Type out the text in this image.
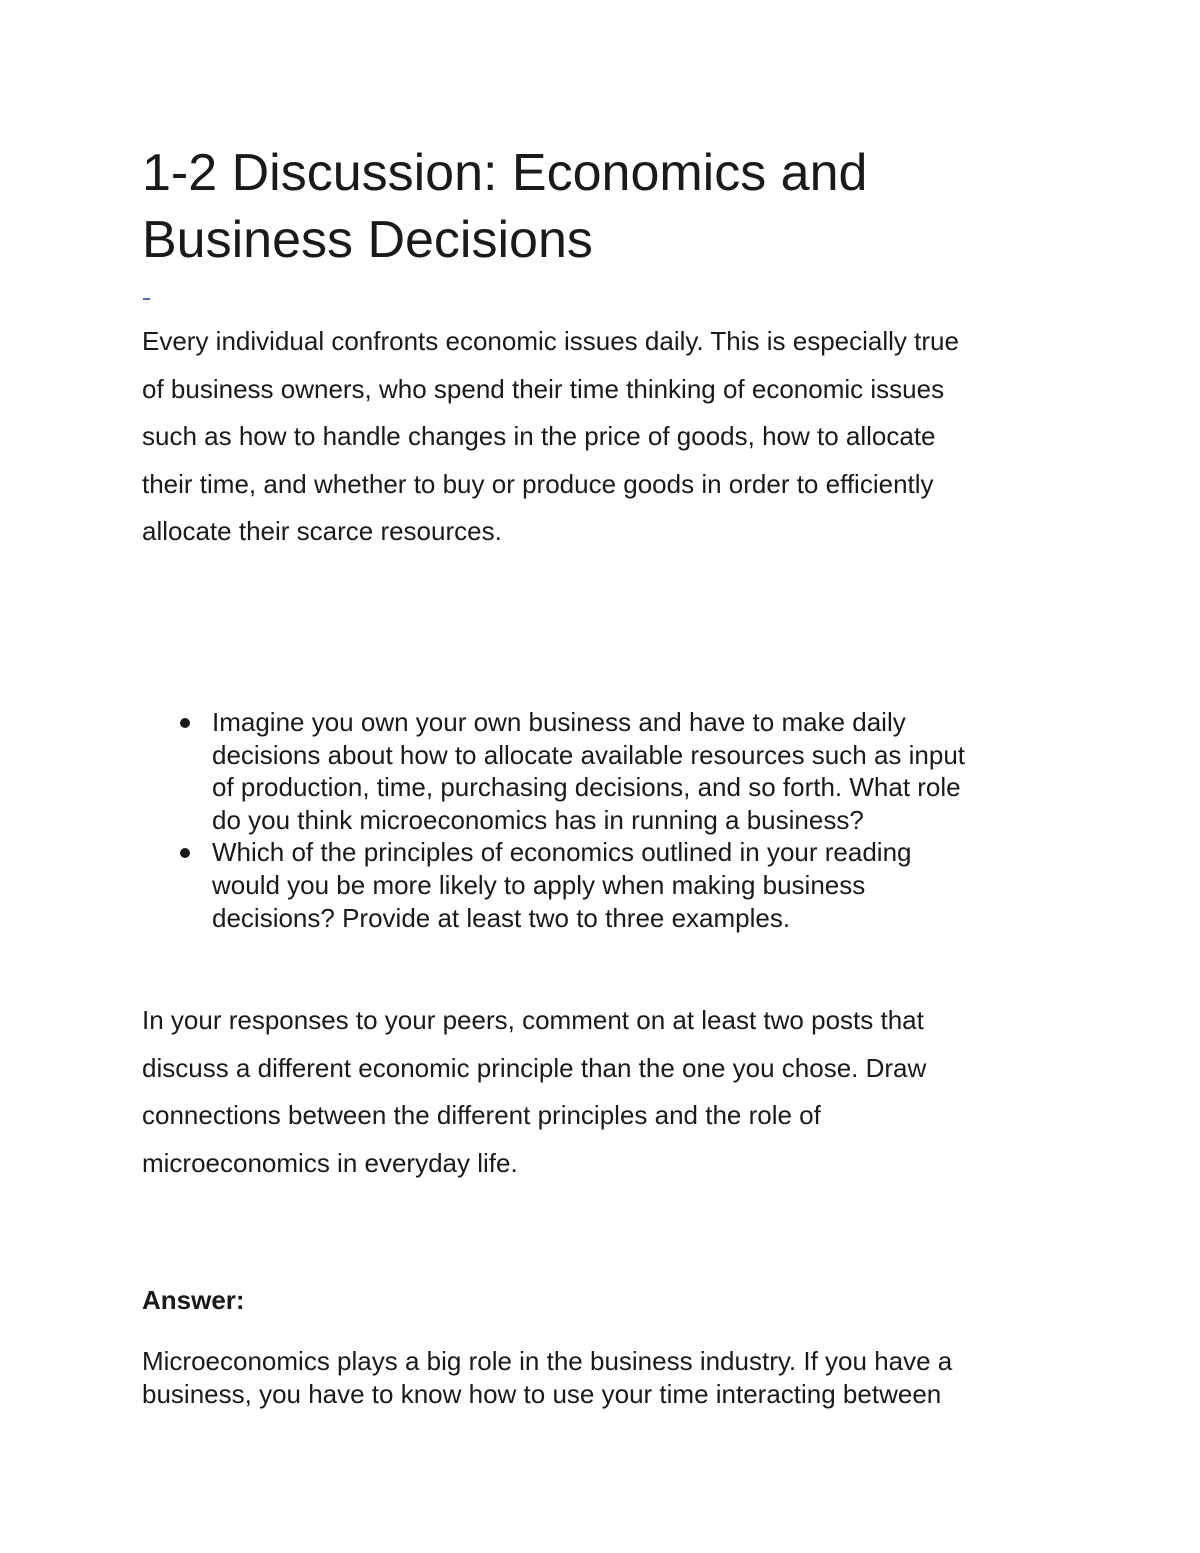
1-2 Discussion: Economics and
Business Decisions

Every individual confronts economic issues daily. This is especially true
of business owners, who spend their time thinking of economic issues
such as how to handle changes in the price of goods, how to allocate
their time, and whether to buy or produce goods in order to efficiently
allocate their scarce resources.

Imagine you own your own business and have to make daily
decisions about how to allocate available resources such as input
of production, time, purchasing decisions, and so forth. What role
do you think microeconomics has in running a business?
Which of the principles of economics outlined in your reading
would you be more likely to apply when making business
decisions? Provide at least two to three examples.

In your responses to your peers, comment on at least two posts that
discuss a different economic principle than the one you chose. Draw
connections between the different principles and the role of
microeconomics in everyday life.

Answer:

Microeconomics plays a big role in the business industry. If you have a
business, you have to know how to use your time interacting between
